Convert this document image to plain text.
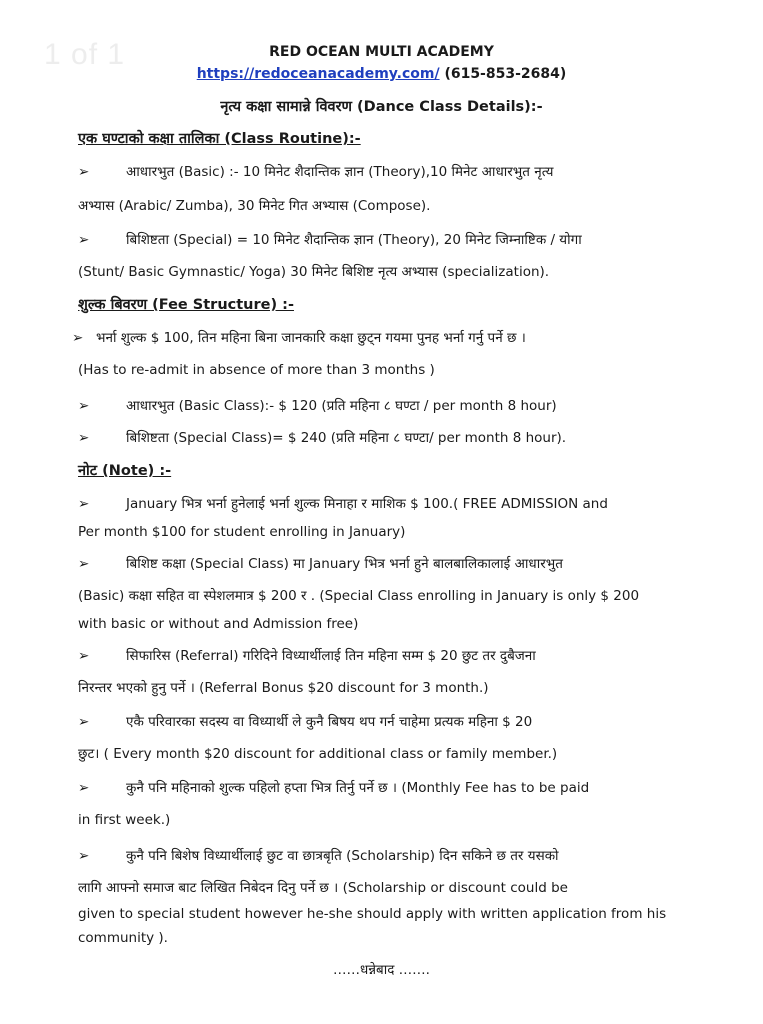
1 of 1	RED OCEAN MULTI ACADEMY
https://redoceanacademy.com/ (615-853-2684)
नृत्य कक्षा सामान्ने विवरण (Dance Class Details):-
एक घण्टाको कक्षा तालिका (Class Routine):-
➢	आधारभुत (Basic) :- 10 मिनेट शैदान्तिक ज्ञान (Theory),10 मिनेट आधारभुत नृत्य
अभ्यास (Arabic/ Zumba), 30 मिनेट गित अभ्यास (Compose).
➢	बिशिष्टता (Special) = 10 मिनेट शैदान्तिक ज्ञान (Theory), 20 मिनेट जिम्नाष्टिक / योगा
(Stunt/ Basic Gymnastic/ Yoga) 30 मिनेट बिशिष्ट नृत्य अभ्यास (specialization).
शुल्क बिवरण (Fee Structure) :-
➢ भर्ना शुल्क $ 100, तिन महिना बिना जानकारि कक्षा छुट्न गयमा पुनह भर्ना गर्नु पर्ने छ ।
(Has to re-admit in absence of more than 3 months )
➢	आधारभुत (Basic Class):- $ 120 (प्रति महिना ८ घण्टा / per month 8 hour)
➢	बिशिष्टता (Special Class)= $ 240 (प्रति महिना ८ घण्टा/ per month 8 hour).
नोट (Note) :-
➢	January भित्र भर्ना हुनेलाई भर्ना शुल्क मिनाहा र माशिक $ 100.( FREE ADMISSION and
Per month $100 for student enrolling in January)
➢	बिशिष्ट कक्षा (Special Class) मा January भित्र भर्ना हुने बालबालिकालाई आधारभुत
(Basic) कक्षा सहित वा स्पेशलमात्र $ 200 र . (Special Class enrolling in January is only $ 200
with basic or without and Admission free)
➢	सिफारिस (Referral) गरिदिने विध्यार्थीलाई तिन महिना सम्म $ 20 छुट तर दुबैजना
निरन्तर भएको हुनु पर्ने । (Referral Bonus $20 discount for 3 month.)
➢	एकै परिवारका सदस्य वा विध्यार्थी ले कुनै बिषय थप गर्न चाहेमा प्रत्यक महिना $ 20
छुट। ( Every month $20 discount for additional class or family member.)
➢	कुनै पनि महिनाको शुल्क पहिलो हप्ता भित्र तिर्नु पर्ने छ । (Monthly Fee has to be paid
in first week.)
➢	कुनै पनि बिशेष विध्यार्थीलाई छुट वा छात्रबृति (Scholarship) दिन सकिने छ तर यसको
लागि आफ्नो समाज बाट लिखित निबेदन दिनु पर्ने छ । (Scholarship or discount could be
given to special student however he-she should apply with written application from his
community ).
……धन्नेबाद …….
